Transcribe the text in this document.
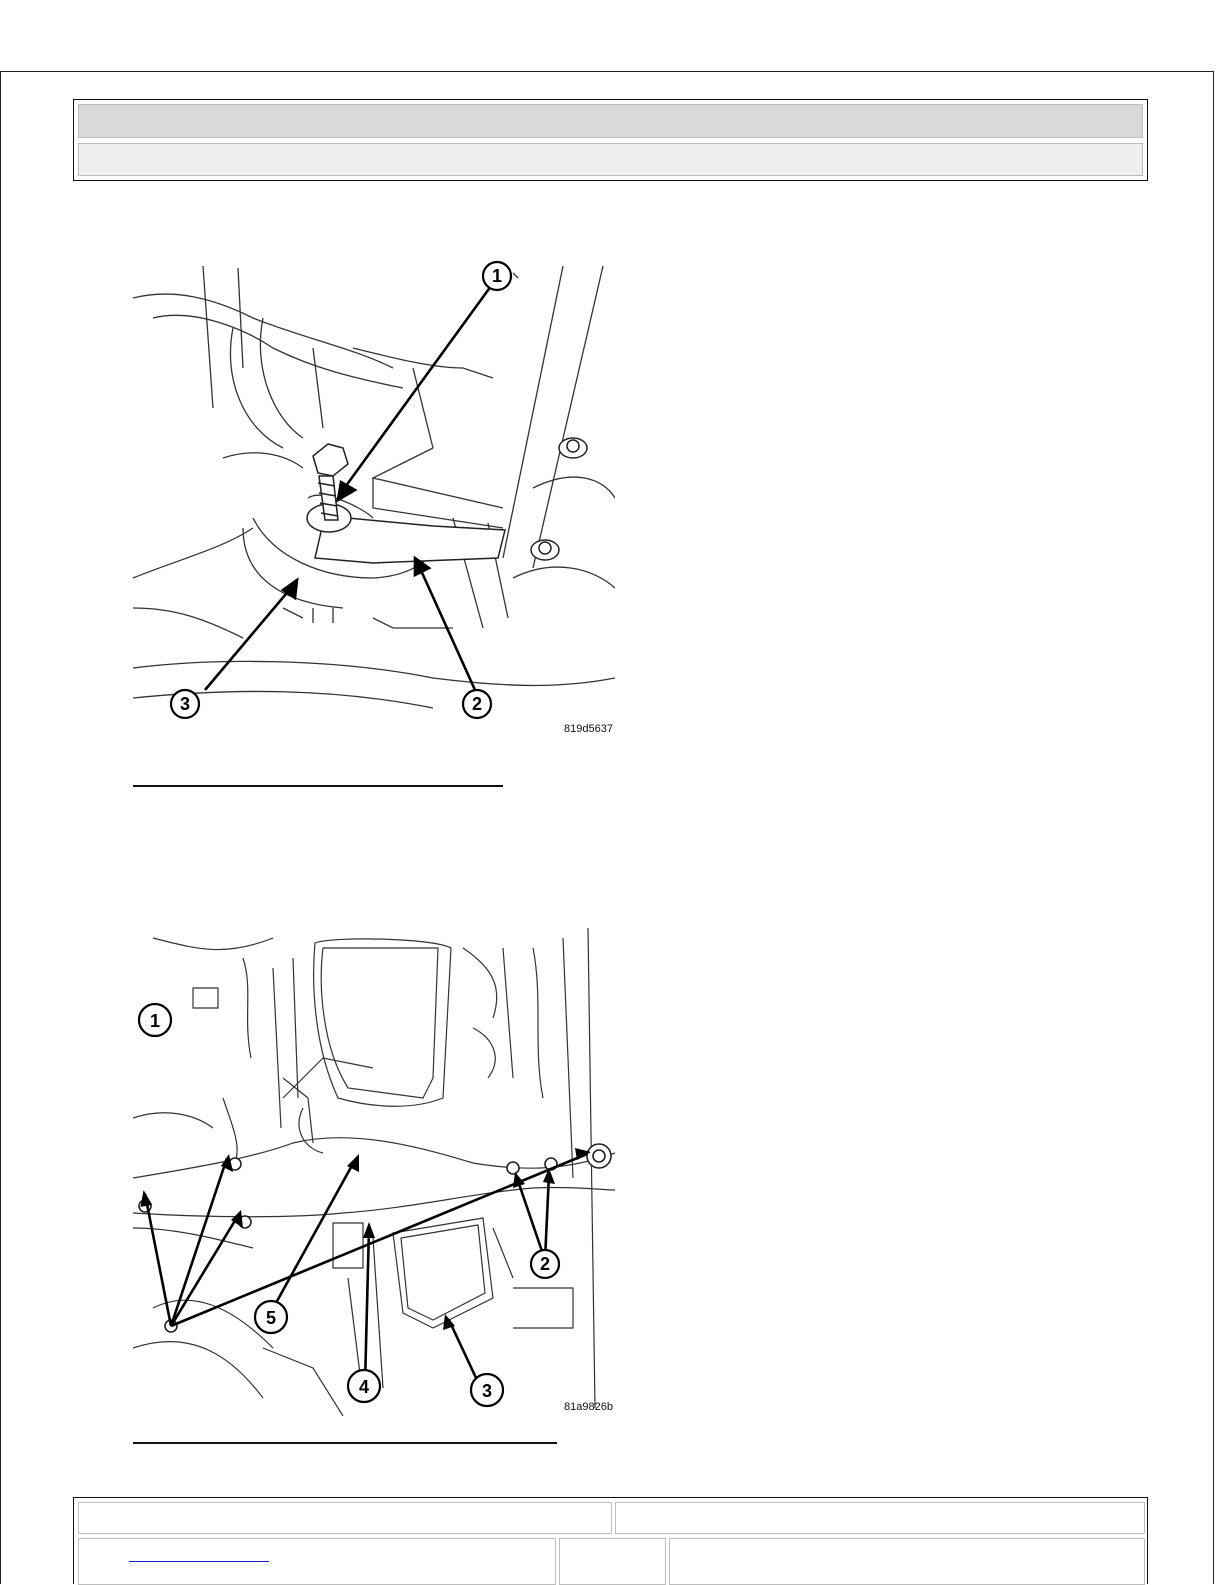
1
2
3
819d5637
1
2
3
4
5
81a9826b
